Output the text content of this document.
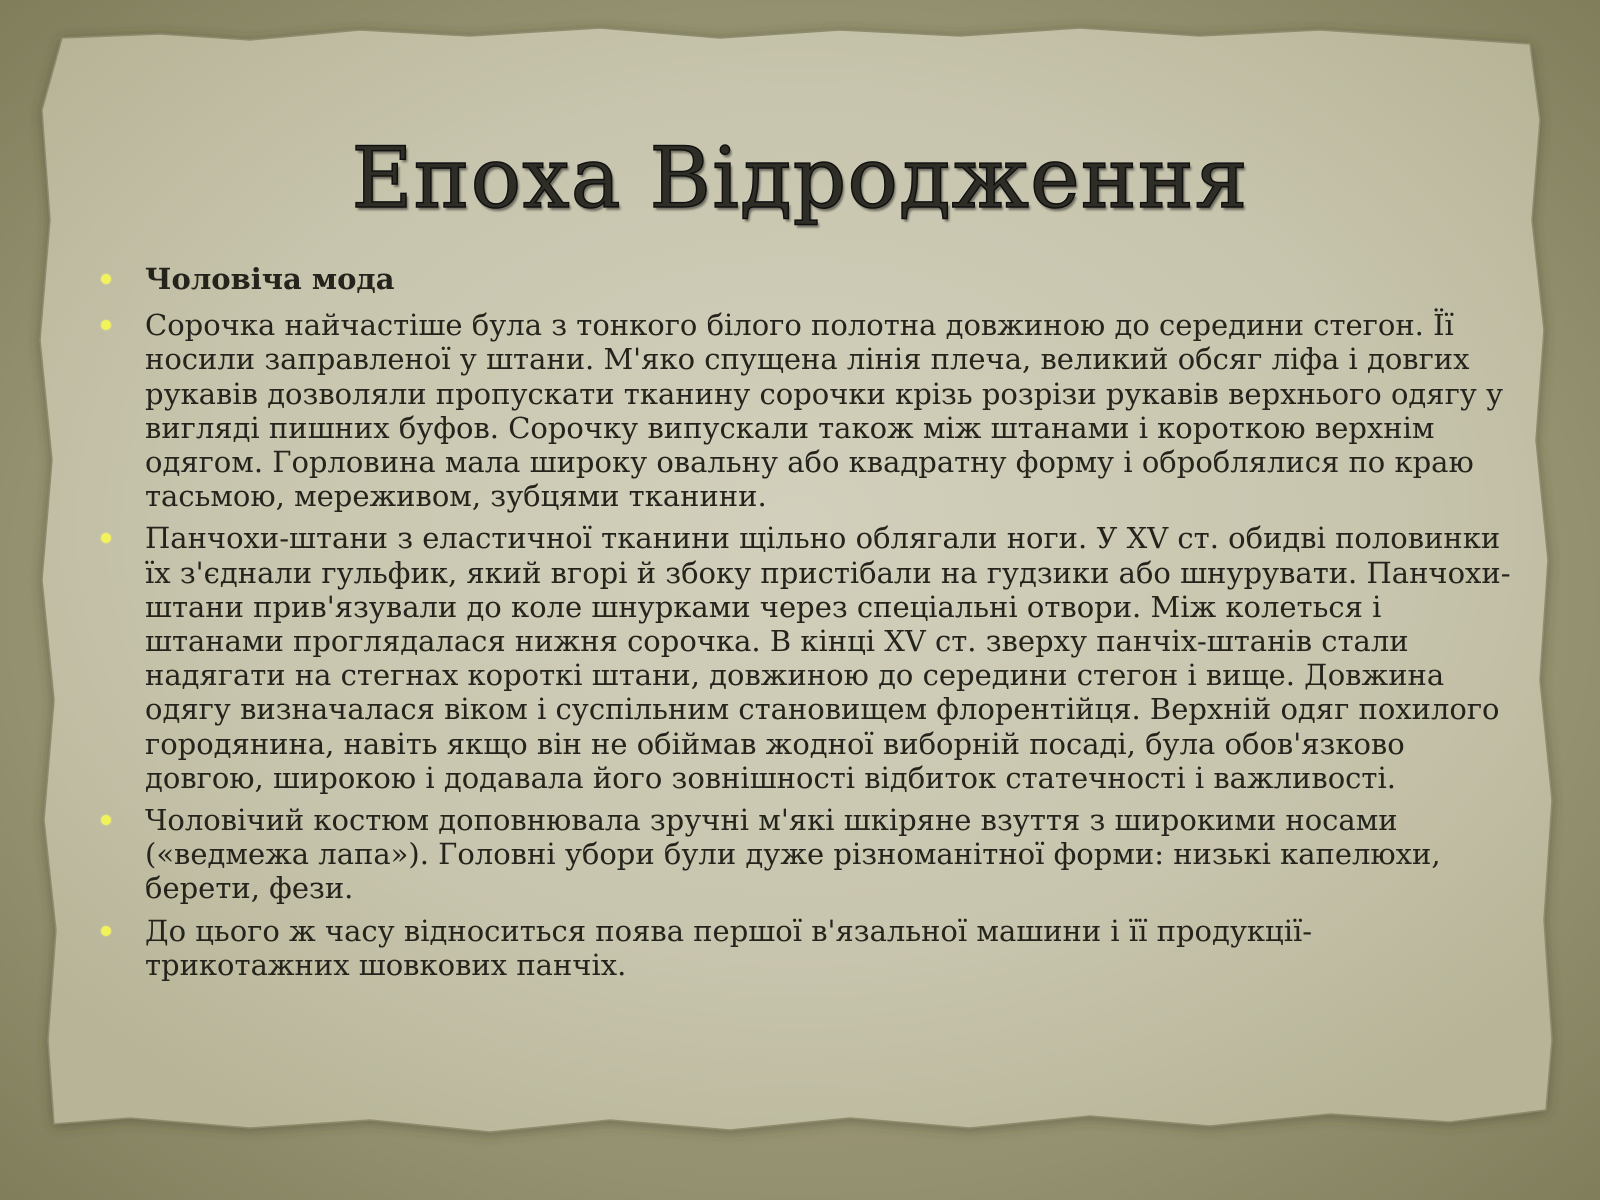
Епоха Відродження
Чоловіча мода
Сорочка найчастіше була з тонкого білого полотна довжиною до середини стегон. Її носили заправленої у штани. М'яко спущена лінія плеча, великий обсяг ліфа і довгих рукавів дозволяли пропускати тканину сорочки крізь розрізи рукавів верхнього одягу у вигляді пишних буфов. Сорочку випускали також між штанами і короткою верхнім одягом. Горловина мала широку овальну або квадратну форму і оброблялися по краю тасьмою, мереживом, зубцями тканини.
Панчохи-штани з еластичної тканини щільно облягали ноги. У XV ст. обидві половинки їх з'єднали гульфик, який вгорі й збоку пристібали на гудзики або шнурувати. Панчохи-штани прив'язували до коле шнурками через спеціальні отвори. Між колеться і штанами проглядалася нижня сорочка. В кінці XV ст. зверху панчіх-штанів стали надягати на стегнах короткі штани, довжиною до середини стегон і вище. Довжина одягу визначалася віком і суспільним становищем флорентійця. Верхній одяг похилого городянина, навіть якщо він не обіймав жодної виборній посаді, була обов'язково довгою, широкою і додавала його зовнішності відбиток статечності і важливості.
Чоловічий костюм доповнювала зручні м'які шкіряне взуття з широкими носами («ведмежа лапа»). Головні убори були дуже різноманітної форми: низькі капелюхи, берети, фези.
До цього ж часу відноситься поява першої в'язальної машини і її продукції-трикотажних шовкових панчіх.
